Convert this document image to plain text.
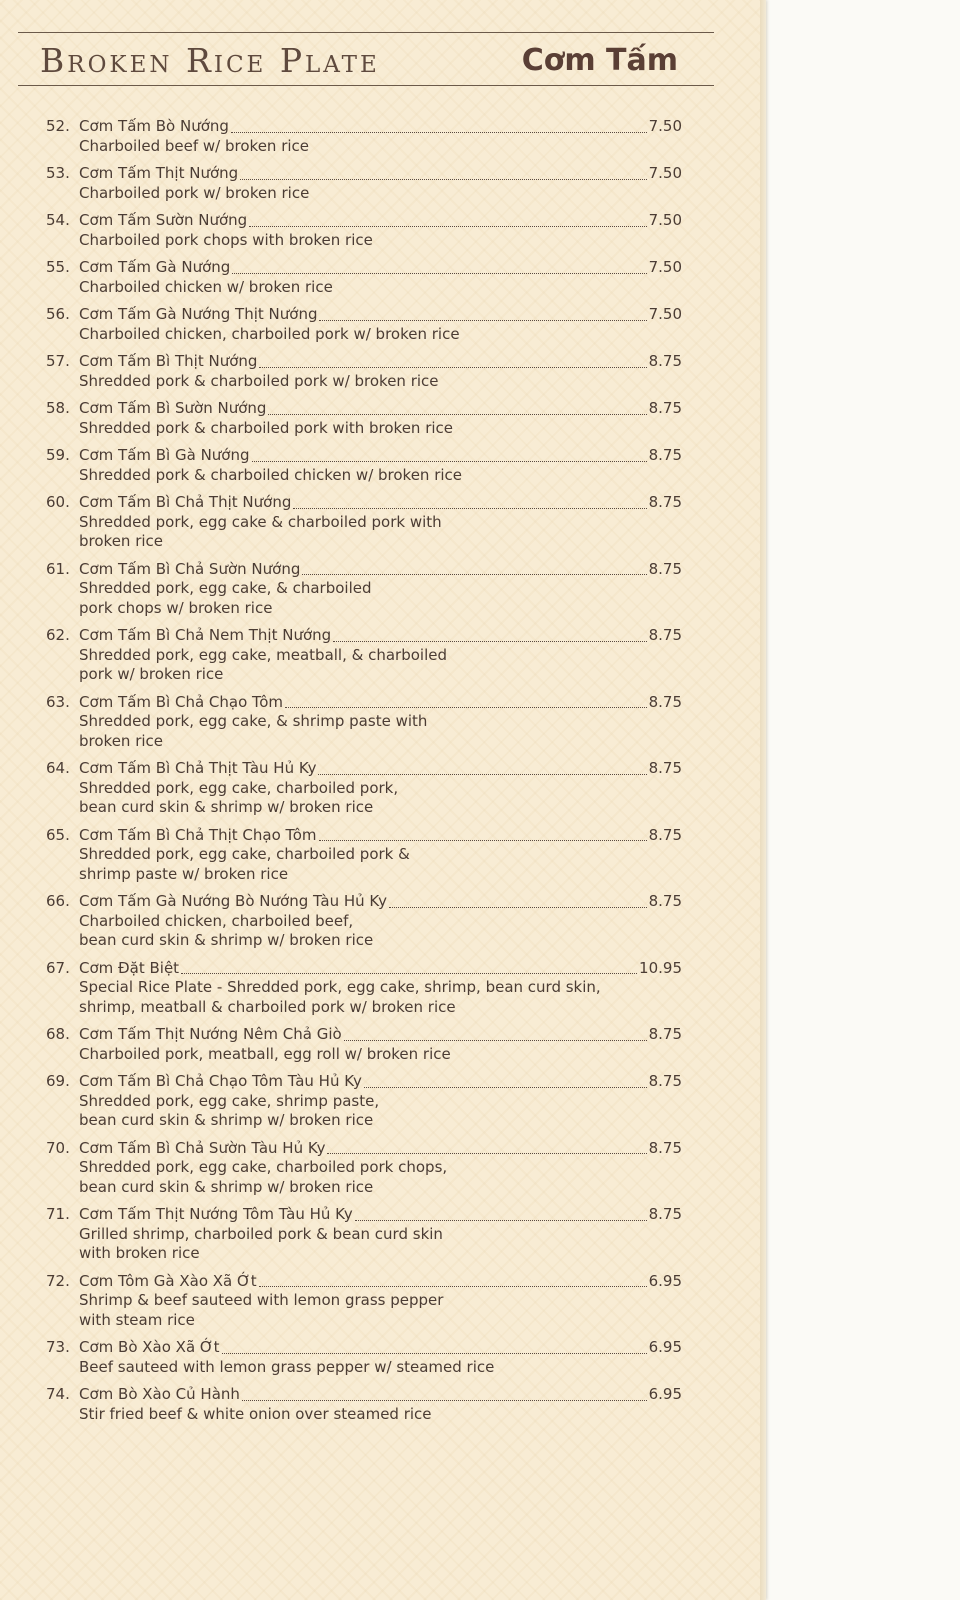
Broken Rice Plate	Cơm Tấm
52. Cơm Tấm Bò Nướng	7.50
Charboiled beef w/ broken rice
53. Cơm Tấm Thịt Nướng	7.50
Charboiled pork w/ broken rice
54. Cơm Tấm Sườn Nướng	7.50
Charboiled pork chops with broken rice
55. Cơm Tấm Gà Nướng	7.50
Charboiled chicken w/ broken rice
56. Cơm Tấm Gà Nướng Thịt Nướng	7.50
Charboiled chicken, charboiled pork w/ broken rice
57. Cơm Tấm Bì Thịt Nướng	8.75
Shredded pork & charboiled pork w/ broken rice
58. Cơm Tấm Bì Sườn Nướng	8.75
Shredded pork & charboiled pork with broken rice
59. Cơm Tấm Bì Gà Nướng	8.75
Shredded pork & charboiled chicken w/ broken rice
60. Cơm Tấm Bì Chả Thịt Nướng	8.75
Shredded pork, egg cake & charboiled pork with
broken rice
61. Cơm Tấm Bì Chả Sườn Nướng	8.75
Shredded pork, egg cake, & charboiled
pork chops w/ broken rice
62. Cơm Tấm Bì Chả Nem Thịt Nướng	8.75
Shredded pork, egg cake, meatball, & charboiled
pork w/ broken rice
63. Cơm Tấm Bì Chả Chạo Tôm	8.75
Shredded pork, egg cake, & shrimp paste with
broken rice
64. Cơm Tấm Bì Chả Thịt Tàu Hủ Ky	8.75
Shredded pork, egg cake, charboiled pork,
bean curd skin & shrimp w/ broken rice
65. Cơm Tấm Bì Chả Thịt Chạo Tôm	8.75
Shredded pork, egg cake, charboiled pork &
shrimp paste w/ broken rice
66. Cơm Tấm Gà Nướng Bò Nướng Tàu Hủ Ky	8.75
Charboiled chicken, charboiled beef,
bean curd skin & shrimp w/ broken rice
67. Cơm Đặt Biệt	10.95
Special Rice Plate - Shredded pork, egg cake, shrimp, bean curd skin,
shrimp, meatball & charboiled pork w/ broken rice
68. Cơm Tấm Thịt Nướng Nêm Chả Giò	8.75
Charboiled pork, meatball, egg roll w/ broken rice
69. Cơm Tấm Bì Chả Chạo Tôm Tàu Hủ Ky	8.75
Shredded pork, egg cake, shrimp paste,
bean curd skin & shrimp w/ broken rice
70. Cơm Tấm Bì Chả Sườn Tàu Hủ Ky	8.75
Shredded pork, egg cake, charboiled pork chops,
bean curd skin & shrimp w/ broken rice
71. Cơm Tấm Thịt Nướng Tôm Tàu Hủ Ky	8.75
Grilled shrimp, charboiled pork & bean curd skin
with broken rice
72. Cơm Tôm Gà Xào Xã Ớt	6.95
Shrimp & beef sauteed with lemon grass pepper
with steam rice
73. Cơm Bò Xào Xã Ớt	6.95
Beef sauteed with lemon grass pepper w/ steamed rice
74. Cơm Bò Xào Củ Hành	6.95
Stir fried beef & white onion over steamed rice
